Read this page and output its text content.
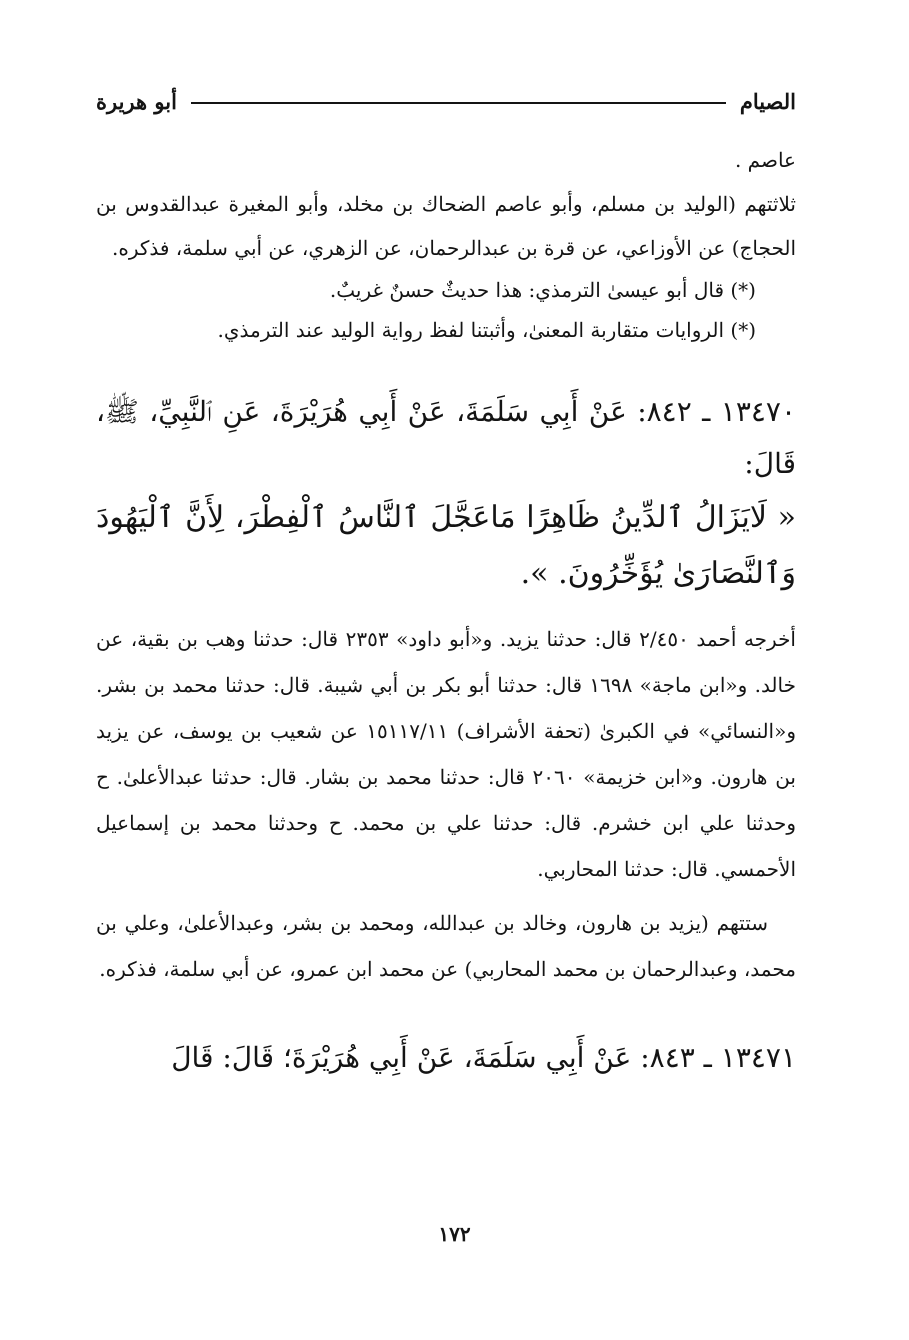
الصيام
أبو هريرة

عاصم .

ثلاثتهم (الوليد بن مسلم، وأبو عاصم الضحاك بن مخلد، وأبو المغيرة عبدالقدوس بن الحجاج) عن الأوزاعي، عن قرة بن عبدالرحمان، عن الزهري، عن أبي سلمة، فذكره.

(*) قال أبو عيسىٰ الترمذي: هذا حديثٌ حسنٌ غريبٌ.

(*) الروايات متقاربة المعنىٰ، وأثبتنا لفظ رواية الوليد عند الترمذي.

١٣٤٧٠ ـ ٨٤٢: عَنْ أَبِي سَلَمَةَ، عَنْ أَبِي هُرَيْرَةَ، عَنِ ٱلنَّبِيِّ، ﷺ، قَالَ:

« لَايَزَالُ ٱلدِّينُ ظَاهِرًا مَاعَجَّلَ ٱلنَّاسُ ٱلْفِطْرَ، لِأَنَّ ٱلْيَهُودَ وَٱلنَّصَارَىٰ يُؤَخِّرُونَ. ».

أخرجه أحمد ٢/٤٥٠ قال: حدثنا يزيد. و«أبو داود» ٢٣٥٣ قال: حدثنا وهب بن بقية، عن خالد. و«ابن ماجة» ١٦٩٨ قال: حدثنا أبو بكر بن أبي شيبة. قال: حدثنا محمد بن بشر. و«النسائي» في الكبرىٰ (تحفة الأشراف) ١٥١١٧/١١ عن شعيب بن يوسف، عن يزيد بن هارون. و«ابن خزيمة» ٢٠٦٠ قال: حدثنا محمد بن بشار. قال: حدثنا عبدالأعلىٰ. ح وحدثنا علي ابن خشرم. قال: حدثنا علي بن محمد. ح وحدثنا محمد بن إسماعيل الأحمسي. قال: حدثنا المحاربي.

ستتهم (يزيد بن هارون، وخالد بن عبدالله، ومحمد بن بشر، وعبدالأعلىٰ، وعلي بن محمد، وعبدالرحمان بن محمد المحاربي) عن محمد ابن عمرو، عن أبي سلمة، فذكره.

١٣٤٧١ ـ ٨٤٣: عَنْ أَبِي سَلَمَةَ، عَنْ أَبِي هُرَيْرَةَ؛ قَالَ: قَالَ

١٧٢
